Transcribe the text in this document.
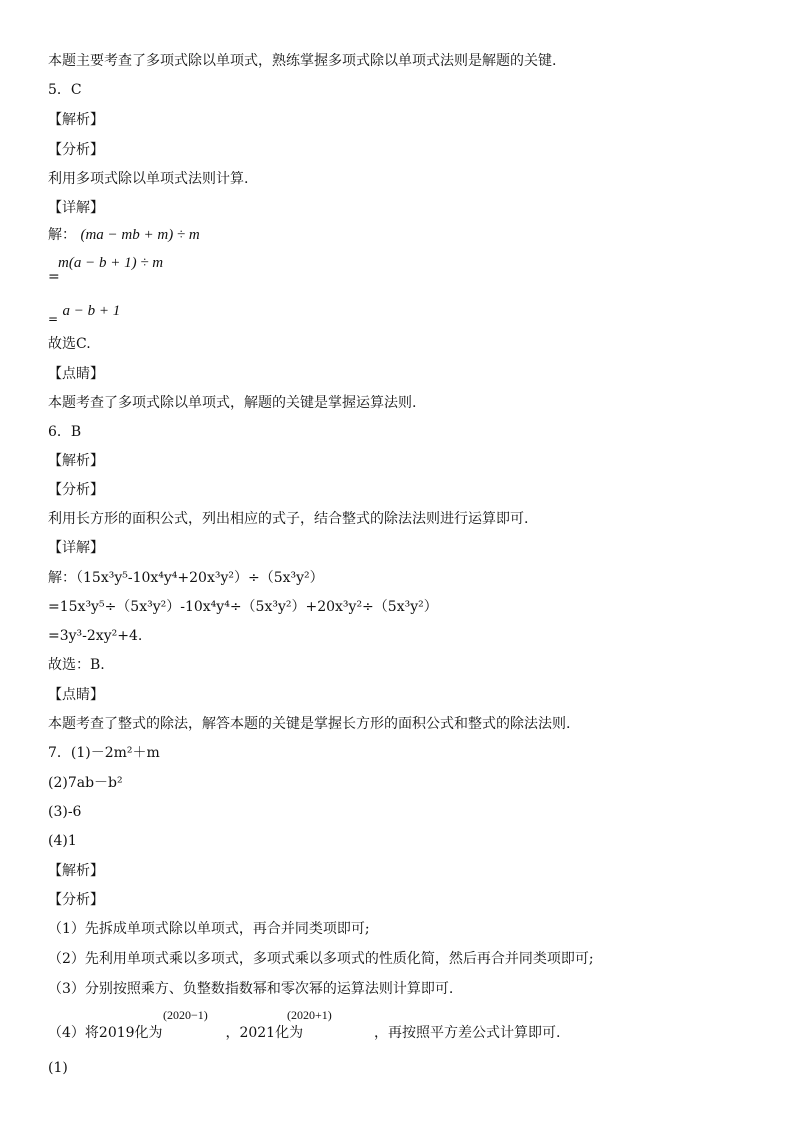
本题主要考查了多项式除以单项式，熟练掌握多项式除以单项式法则是解题的关键.
5．C
【解析】
【分析】
利用多项式除以单项式法则计算.
【详解】
解： (ma − mb + m) ÷ m
m(a − b + 1) ÷ m
=
= a − b + 1
故选C.
【点睛】
本题考查了多项式除以单项式，解题的关键是掌握运算法则.
6．B
【解析】
【分析】
利用长方形的面积公式，列出相应的式子，结合整式的除法法则进行运算即可.
【详解】
解：（15x³y⁵-10x⁴y⁴+20x³y²）÷（5x³y²）
=15x³y⁵÷（5x³y²）-10x⁴y⁴÷（5x³y²）+20x³y²÷（5x³y²）
=3y³-2xy²+4.
故选：B.
【点睛】
本题考查了整式的除法，解答本题的关键是掌握长方形的面积公式和整式的除法法则.
7．(1)－2m²＋m
(2)7ab－b²
(3)-6
(4)1
【解析】
【分析】
（1）先拆成单项式除以单项式，再合并同类项即可;
（2）先利用单项式乘以多项式，多项式乘以多项式的性质化简，然后再合并同类项即可;
（3）分别按照乘方、负整数指数幂和零次幂的运算法则计算即可.
（4）将2019化为	，2021化为	，再按照平方差公式计算即可.
(2020−1)	(2020+1)
(1)
